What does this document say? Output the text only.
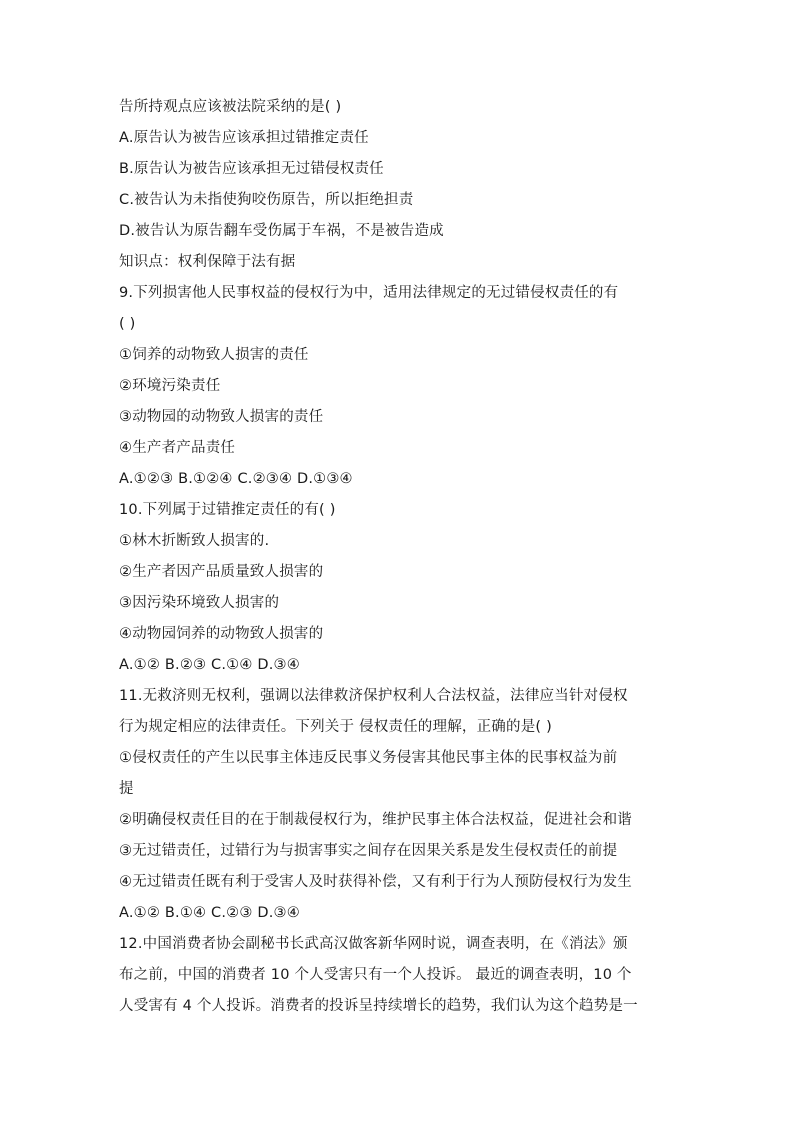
告所持观点应该被法院采纳的是( )
A.原告认为被告应该承担过错推定责任
B.原告认为被告应该承担无过错侵权责任
C.被告认为未指使狗咬伤原告，所以拒绝担责
D.被告认为原告翻车受伤属于车祸，不是被告造成
知识点：权利保障于法有据
9.下列损害他人民事权益的侵权行为中，适用法律规定的无过错侵权责任的有
( )
①饲养的动物致人损害的责任
②环境污染责任
③动物园的动物致人损害的责任
④生产者产品责任
A.①②③ B.①②④ C.②③④ D.①③④
10.下列属于过错推定责任的有( )
①林木折断致人损害的.
②生产者因产品质量致人损害的
③因污染环境致人损害的
④动物园饲养的动物致人损害的
A.①② B.②③ C.①④ D.③④
11.无救济则无权利，强调以法律救济保护权利人合法权益，法律应当针对侵权
行为规定相应的法律责任。下列关于 侵权责任的理解，正确的是( )
①侵权责任的产生以民事主体违反民事义务侵害其他民事主体的民事权益为前
提
②明确侵权责任目的在于制裁侵权行为，维护民事主体合法权益，促进社会和谐
③无过错责任，过错行为与损害事实之间存在因果关系是发生侵权责任的前提
④无过错责任既有利于受害人及时获得补偿，又有利于行为人预防侵权行为发生
A.①② B.①④ C.②③ D.③④
12.中国消费者协会副秘书长武高汉做客新华网时说，调查表明，在《消法》颁
布之前，中国的消费者 10 个人受害只有一个人投诉。 最近的调查表明，10 个
人受害有 4 个人投诉。消费者的投诉呈持续增长的趋势，我们认为这个趋势是一
